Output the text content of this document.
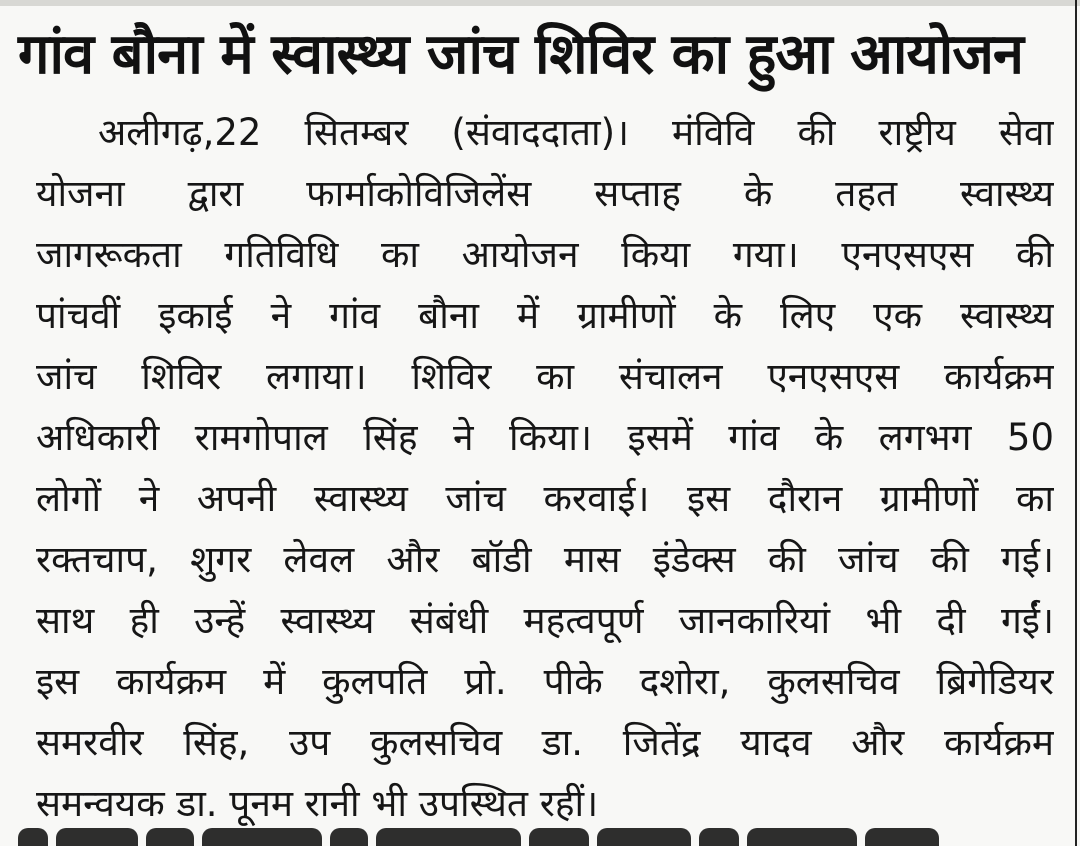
गांव बौना में स्वास्थ्य जांच शिविर का हुआ आयोजन
अलीगढ़,22 सितम्बर (संवाददाता)। मंविवि की राष्ट्रीय सेवा
योजना द्वारा फार्माकोविजिलेंस सप्ताह के तहत स्वास्थ्य
जागरूकता गतिविधि का आयोजन किया गया। एनएसएस की
पांचवीं इकाई ने गांव बौना में ग्रामीणों के लिए एक स्वास्थ्य
जांच शिविर लगाया। शिविर का संचालन एनएसएस कार्यक्रम
अधिकारी रामगोपाल सिंह ने किया। इसमें गांव के लगभग 50
लोगों ने अपनी स्वास्थ्य जांच करवाई। इस दौरान ग्रामीणों का
रक्तचाप, शुगर लेवल और बॉडी मास इंडेक्स की जांच की गई।
साथ ही उन्हें स्वास्थ्य संबंधी महत्वपूर्ण जानकारियां भी दी गईं।
इस कार्यक्रम में कुलपति प्रो. पीके दशोरा, कुलसचिव ब्रिगेडियर
समरवीर सिंह, उप कुलसचिव डा. जितेंद्र यादव और कार्यक्रम
समन्वयक डा. पूनम रानी भी उपस्थित रहीं।
